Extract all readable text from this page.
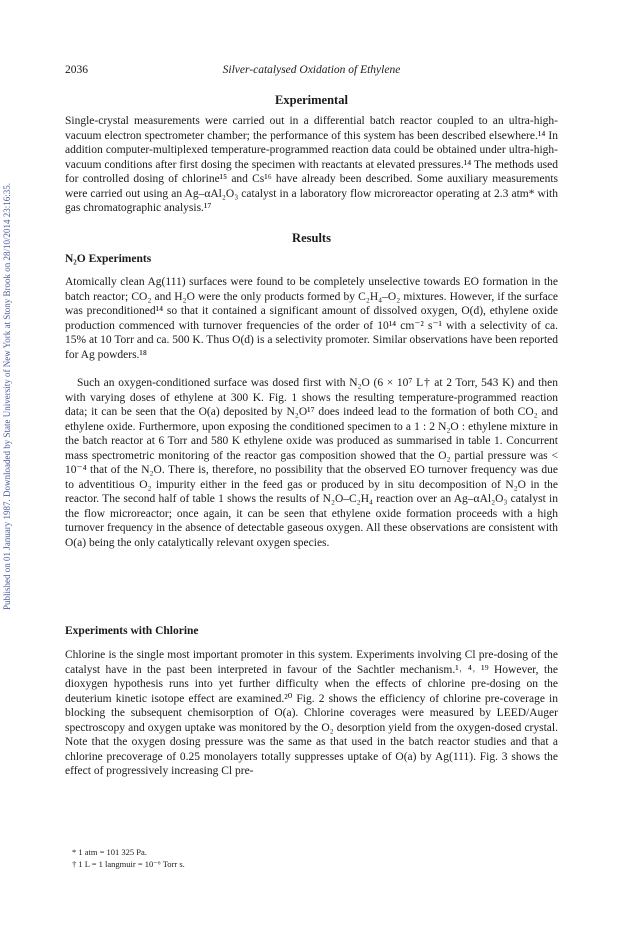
Published on 01 January 1987. Downloaded by State University of New York at Stony Brook on 28/10/2014 23:16:35.
2036	Silver-catalysed Oxidation of Ethylene
Experimental

Single-crystal measurements were carried out in a differential batch reactor coupled to an ultra-high-vacuum electron spectrometer chamber; the performance of this system has been described elsewhere.¹⁴ In addition computer-multiplexed temperature-programmed reaction data could be obtained under ultra-high-vacuum conditions after first dosing the specimen with reactants at elevated pressures.¹⁴ The methods used for controlled dosing of chlorine¹⁵ and Cs¹⁶ have already been described. Some auxiliary measurements were carried out using an Ag–αAl₂O₃ catalyst in a laboratory flow microreactor operating at 2.3 atm* with gas chromatographic analysis.¹⁷

Results
N₂O Experiments

Atomically clean Ag(111) surfaces were found to be completely unselective towards EO formation in the batch reactor; CO₂ and H₂O were the only products formed by C₂H₄–O₂ mixtures. However, if the surface was preconditioned¹⁴ so that it contained a significant amount of dissolved oxygen, O(d), ethylene oxide production commenced with turnover frequencies of the order of 10¹⁴ cm⁻² s⁻¹ with a selectivity of ca. 15% at 10 Torr and ca. 500 K. Thus O(d) is a selectivity promoter. Similar observations have been reported for Ag powders.¹⁸

Such an oxygen-conditioned surface was dosed first with N₂O (6 × 10⁷ L† at 2 Torr, 543 K) and then with varying doses of ethylene at 300 K. Fig. 1 shows the resulting temperature-programmed reaction data; it can be seen that the O(a) deposited by N₂O¹⁷ does indeed lead to the formation of both CO₂ and ethylene oxide. Furthermore, upon exposing the conditioned specimen to a 1 : 2 N₂O : ethylene mixture in the batch reactor at 6 Torr and 580 K ethylene oxide was produced as summarised in table 1. Concurrent mass spectrometric monitoring of the reactor gas composition showed that the O₂ partial pressure was < 10⁻⁴ that of the N₂O. There is, therefore, no possibility that the observed EO turnover frequency was due to adventitious O₂ impurity either in the feed gas or produced by in situ decomposition of N₂O in the reactor. The second half of table 1 shows the results of N₂O–C₂H₄ reaction over an Ag–αAl₂O₃ catalyst in the flow microreactor; once again, it can be seen that ethylene oxide formation proceeds with a high turnover frequency in the absence of detectable gaseous oxygen. All these observations are consistent with O(a) being the only catalytically relevant oxygen species.

Experiments with Chlorine

Chlorine is the single most important promoter in this system. Experiments involving Cl pre-dosing of the catalyst have in the past been interpreted in favour of the Sachtler mechanism.¹˒ ⁴˒ ¹⁹ However, the dioxygen hypothesis runs into yet further difficulty when the effects of chlorine pre-dosing on the deuterium kinetic isotope effect are examined.²⁰ Fig. 2 shows the efficiency of chlorine pre-coverage in blocking the subsequent chemisorption of O(a). Chlorine coverages were measured by LEED/Auger spectroscopy and oxygen uptake was monitored by the O₂ desorption yield from the oxygen-dosed crystal. Note that the oxygen dosing pressure was the same as that used in the batch reactor studies and that a chlorine precoverage of 0.25 monolayers totally suppresses uptake of O(a) by Ag(111). Fig. 3 shows the effect of progressively increasing Cl pre-

* 1 atm = 101 325 Pa.
† 1 L = 1 langmuir = 10⁻⁶ Torr s.
